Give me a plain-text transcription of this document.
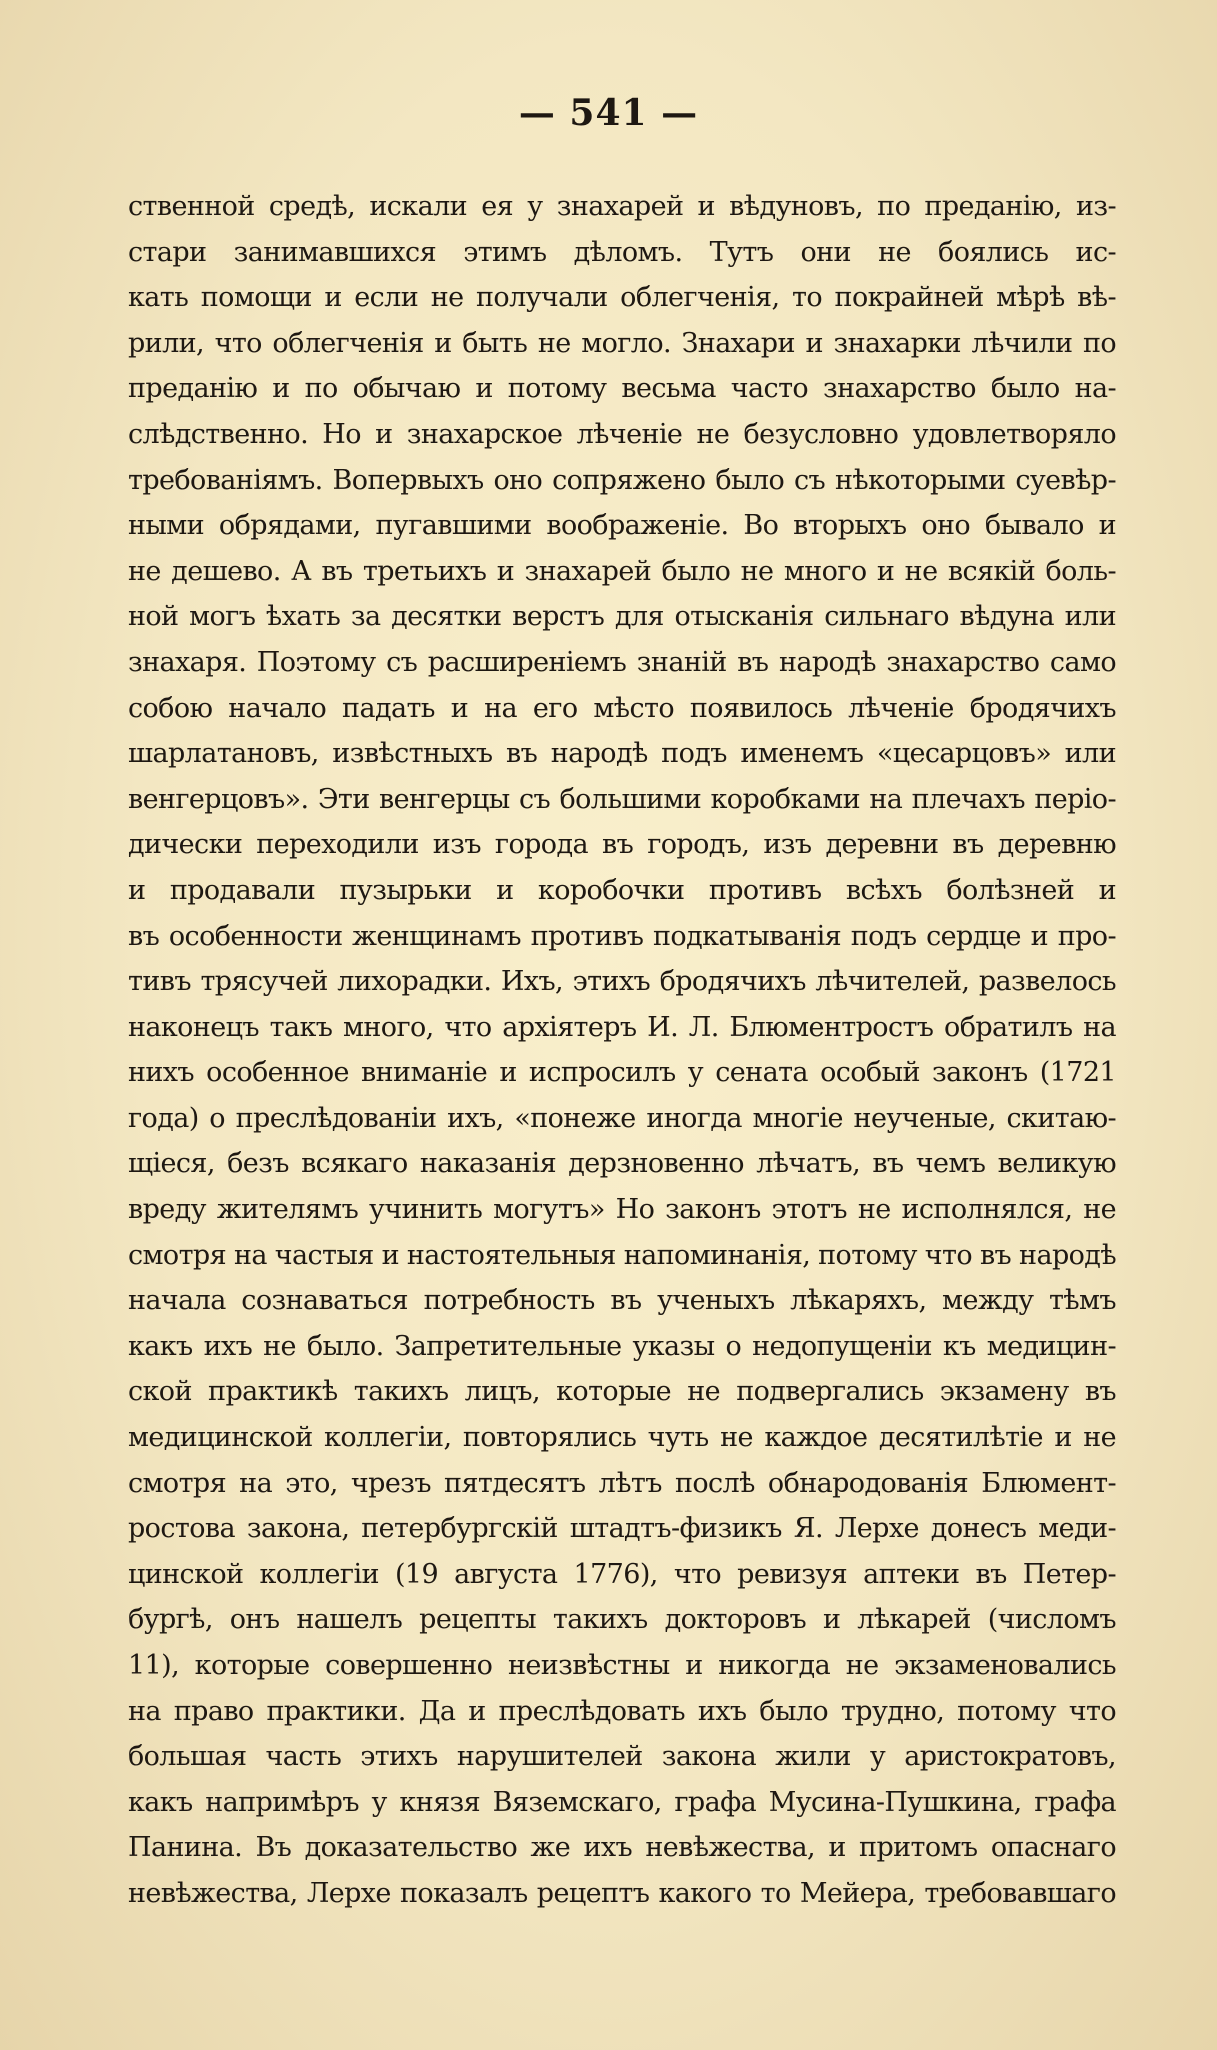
— 541 —
ственной средѣ, искали ея у знахарей и вѣдуновъ, по преданію, из-
стари занимавшихся этимъ дѣломъ. Тутъ они не боялись ис-
кать помощи и если не получали облегченія, то покрайней мѣрѣ вѣ-
рили, что облегченія и быть не могло. Знахари и знахарки лѣчили по
преданію и по обычаю и потому весьма часто знахарство было на-
слѣдственно. Но и знахарское лѣченіе не безусловно удовлетворяло
требованіямъ. Вопервыхъ оно сопряжено было съ нѣкоторыми суевѣр-
ными обрядами, пугавшими воображеніе. Во вторыхъ оно бывало и
не дешево. А въ третьихъ и знахарей было не много и не всякій боль-
ной могъ ѣхать за десятки верстъ для отысканія сильнаго вѣдуна или
знахаря. Поэтому съ расширеніемъ знаній въ народѣ знахарство само
собою начало падать и на его мѣсто появилось лѣченіе бродячихъ
шарлатановъ, извѣстныхъ въ народѣ подъ именемъ «цесарцовъ» или
венгерцовъ». Эти венгерцы съ большими коробками на плечахъ періо-
дически переходили изъ города въ городъ, изъ деревни въ деревню
и продавали пузырьки и коробочки противъ всѣхъ болѣзней и
въ особенности женщинамъ противъ подкатыванія подъ сердце и про-
тивъ трясучей лихорадки. Ихъ, этихъ бродячихъ лѣчителей, развелось
наконецъ такъ много, что архіятеръ И. Л. Блюментростъ обратилъ на
нихъ особенное вниманіе и испросилъ у сената особый законъ (1721
года) о преслѣдованіи ихъ, «понеже иногда многіе неученые, скитаю-
щіеся, безъ всякаго наказанія дерзновенно лѣчатъ, въ чемъ великую
вреду жителямъ учинить могутъ» Но законъ этотъ не исполнялся, не
смотря на частыя и настоятельныя напоминанія, потому что въ народѣ
начала сознаваться потребность въ ученыхъ лѣкаряхъ, между тѣмъ
какъ ихъ не было. Запретительные указы о недопущеніи къ медицин-
ской практикѣ такихъ лицъ, которые не подвергались экзамену въ
медицинской коллегіи, повторялись чуть не каждое десятилѣтіе и не
смотря на это, чрезъ пятдесятъ лѣтъ послѣ обнародованія Блюмент-
ростова закона, петербургскій штадтъ-физикъ Я. Лерхе донесъ меди-
цинской коллегіи (19 августа 1776), что ревизуя аптеки въ Петер-
бургѣ, онъ нашелъ рецепты такихъ докторовъ и лѣкарей (числомъ
11), которые совершенно неизвѣстны и никогда не экзаменовались
на право практики. Да и преслѣдовать ихъ было трудно, потому что
большая часть этихъ нарушителей закона жили у аристократовъ,
какъ напримѣръ у князя Вяземскаго, графа Мусина-Пушкина, графа
Панина. Въ доказательство же ихъ невѣжества, и притомъ опаснаго
невѣжества, Лерхе показалъ рецептъ какого то Мейера, требовавшаго
